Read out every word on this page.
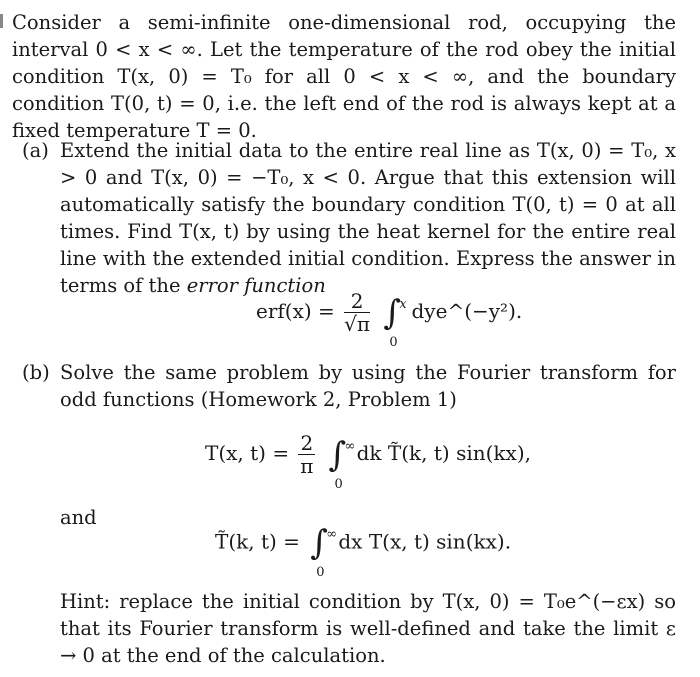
Consider a semi-infinite one-dimensional rod, occupying the interval 0 < x < ∞. Let the temperature of the rod obey the initial condition T(x, 0) = T₀ for all 0 < x < ∞, and the boundary condition T(0, t) = 0, i.e. the left end of the rod is always kept at a fixed temperature T = 0.

(a) Extend the initial data to the entire real line as T(x, 0) = T₀, x > 0 and T(x, 0) = −T₀, x < 0. Argue that this extension will automatically satisfy the boundary condition T(0, t) = 0 at all times. Find T(x, t) by using the heat kernel for the entire real line with the extended initial condition. Express the answer in terms of the error function

$erf(x) = \frac{2}{√\pi}$ ∫
x
0
dye^(−y²).
(b) Solve the same problem by using the Fourier transform for odd functions (Homework 2, Problem 1)

T(x, $t) = \frac{2}{\pi}$ ∫
∞
0
dk T̃(k, t) sin(kx),
and
T̃(k, t) = ∫
∞
0
dx T(x, t) sin(kx).

Hint: replace the initial condition by T(x, 0) = T₀e^(−εx) so that its Fourier transform is well-defined and take the limit ε → 0 at the end of the calculation.
